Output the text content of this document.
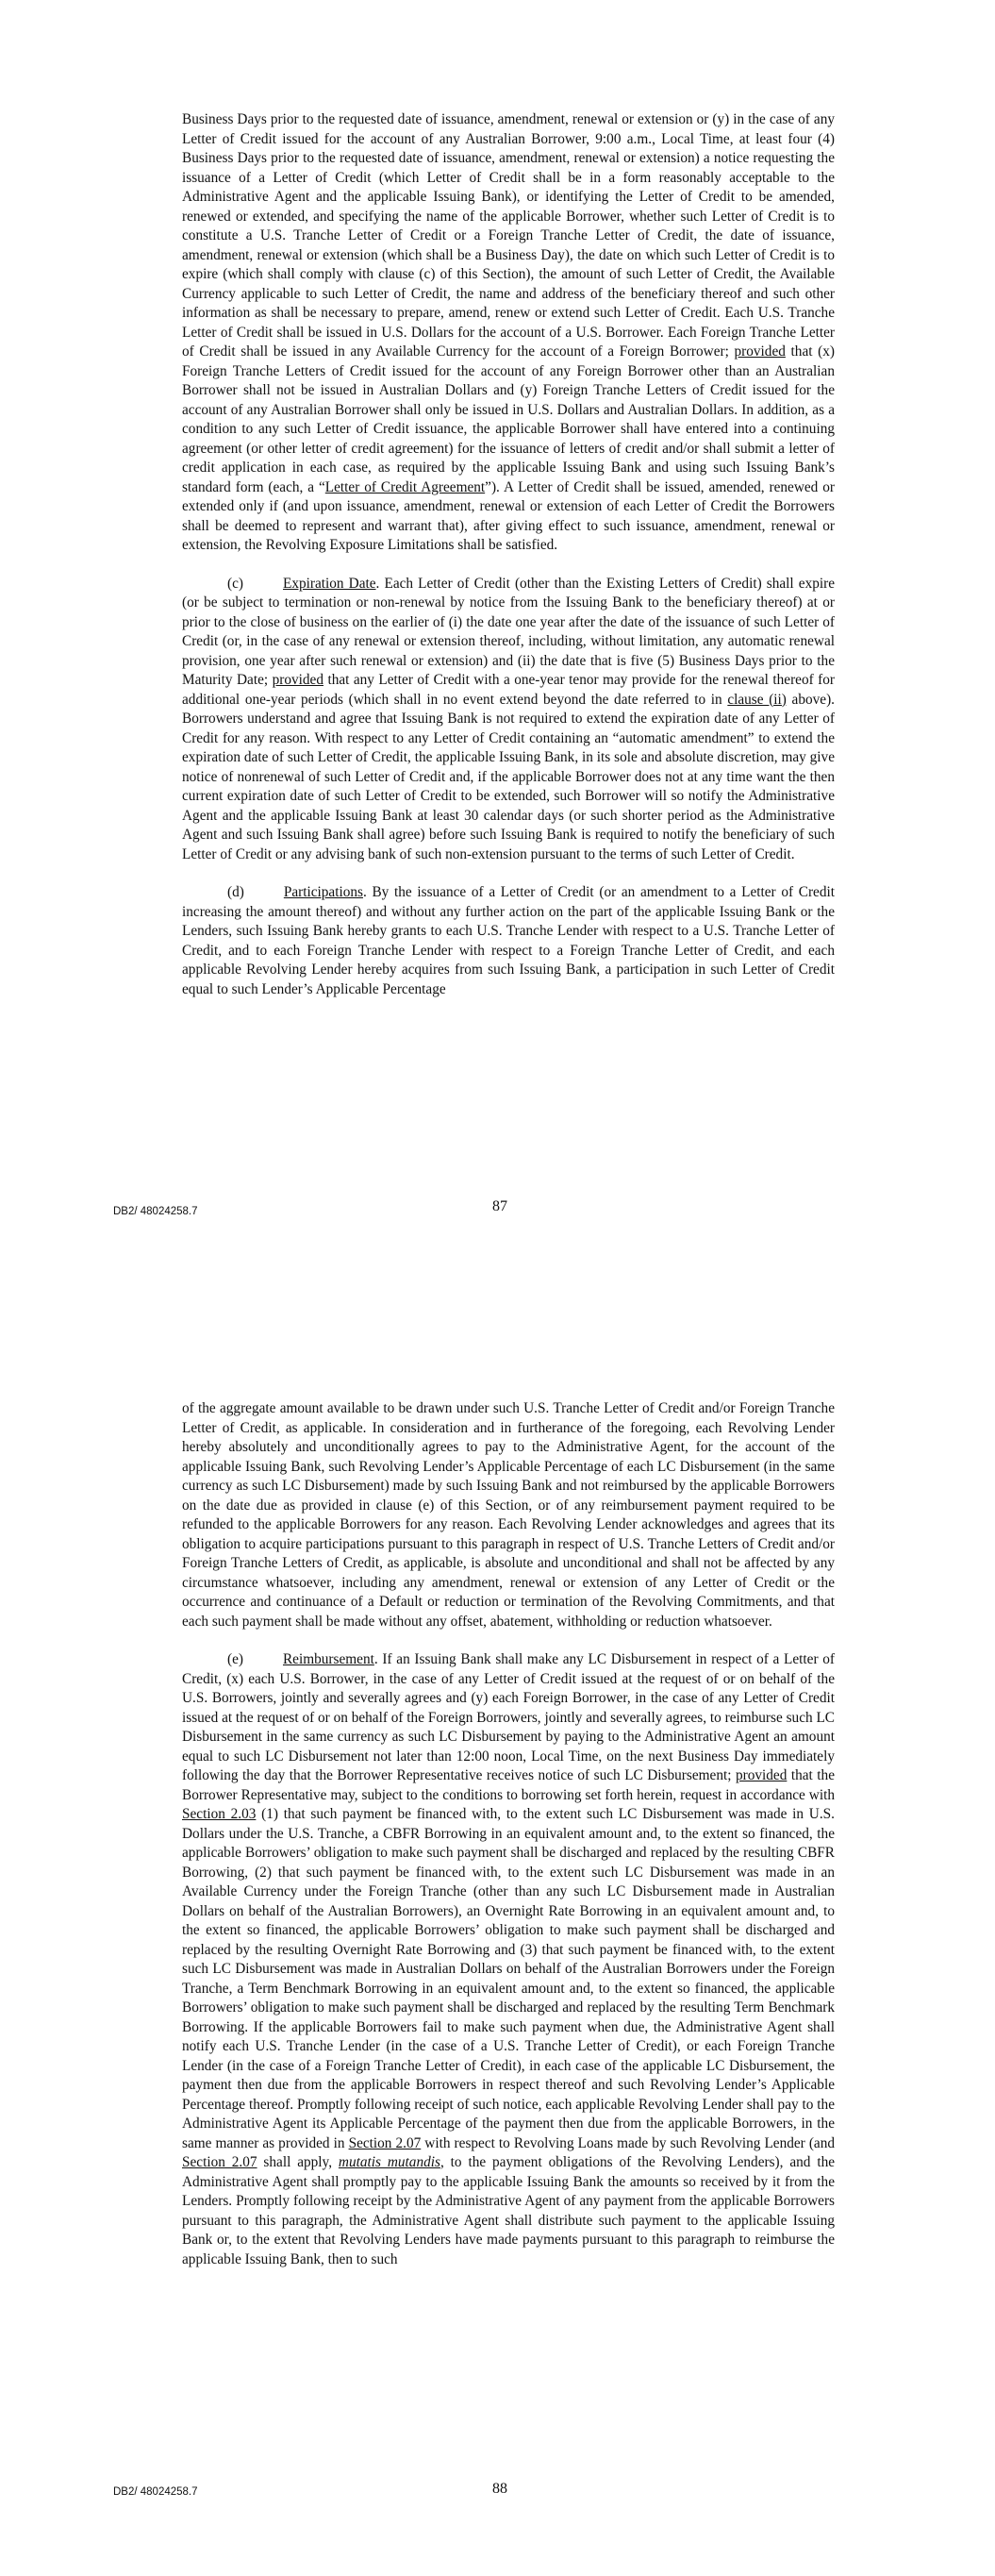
Business Days prior to the requested date of issuance, amendment, renewal or extension or (y) in the case of any Letter of Credit issued for the account of any Australian Borrower, 9:00 a.m., Local Time, at least four (4) Business Days prior to the requested date of issuance, amendment, renewal or extension) a notice requesting the issuance of a Letter of Credit (which Letter of Credit shall be in a form reasonably acceptable to the Administrative Agent and the applicable Issuing Bank), or identifying the Letter of Credit to be amended, renewed or extended, and specifying the name of the applicable Borrower, whether such Letter of Credit is to constitute a U.S. Tranche Letter of Credit or a Foreign Tranche Letter of Credit, the date of issuance, amendment, renewal or extension (which shall be a Business Day), the date on which such Letter of Credit is to expire (which shall comply with clause (c) of this Section), the amount of such Letter of Credit, the Available Currency applicable to such Letter of Credit, the name and address of the beneficiary thereof and such other information as shall be necessary to prepare, amend, renew or extend such Letter of Credit. Each U.S. Tranche Letter of Credit shall be issued in U.S. Dollars for the account of a U.S. Borrower. Each Foreign Tranche Letter of Credit shall be issued in any Available Currency for the account of a Foreign Borrower; provided that (x) Foreign Tranche Letters of Credit issued for the account of any Foreign Borrower other than an Australian Borrower shall not be issued in Australian Dollars and (y) Foreign Tranche Letters of Credit issued for the account of any Australian Borrower shall only be issued in U.S. Dollars and Australian Dollars. In addition, as a condition to any such Letter of Credit issuance, the applicable Borrower shall have entered into a continuing agreement (or other letter of credit agreement) for the issuance of letters of credit and/or shall submit a letter of credit application in each case, as required by the applicable Issuing Bank and using such Issuing Bank’s standard form (each, a “Letter of Credit Agreement”). A Letter of Credit shall be issued, amended, renewed or extended only if (and upon issuance, amendment, renewal or extension of each Letter of Credit the Borrowers shall be deemed to represent and warrant that), after giving effect to such issuance, amendment, renewal or extension, the Revolving Exposure Limitations shall be satisfied.

(c)	Expiration Date. Each Letter of Credit (other than the Existing Letters of Credit) shall expire (or be subject to termination or non-renewal by notice from the Issuing Bank to the beneficiary thereof) at or prior to the close of business on the earlier of (i) the date one year after the date of the issuance of such Letter of Credit (or, in the case of any renewal or extension thereof, including, without limitation, any automatic renewal provision, one year after such renewal or extension) and (ii) the date that is five (5) Business Days prior to the Maturity Date; provided that any Letter of Credit with a one-year tenor may provide for the renewal thereof for additional one-year periods (which shall in no event extend beyond the date referred to in clause (ii) above). Borrowers understand and agree that Issuing Bank is not required to extend the expiration date of any Letter of Credit for any reason. With respect to any Letter of Credit containing an “automatic amendment” to extend the expiration date of such Letter of Credit, the applicable Issuing Bank, in its sole and absolute discretion, may give notice of nonrenewal of such Letter of Credit and, if the applicable Borrower does not at any time want the then current expiration date of such Letter of Credit to be extended, such Borrower will so notify the Administrative Agent and the applicable Issuing Bank at least 30 calendar days (or such shorter period as the Administrative Agent and such Issuing Bank shall agree) before such Issuing Bank is required to notify the beneficiary of such Letter of Credit or any advising bank of such non-extension pursuant to the terms of such Letter of Credit.

(d)	Participations. By the issuance of a Letter of Credit (or an amendment to a Letter of Credit increasing the amount thereof) and without any further action on the part of the applicable Issuing Bank or the Lenders, such Issuing Bank hereby grants to each U.S. Tranche Lender with respect to a U.S. Tranche Letter of Credit, and to each Foreign Tranche Lender with respect to a Foreign Tranche Letter of Credit, and each applicable Revolving Lender hereby acquires from such Issuing Bank, a participation in such Letter of Credit equal to such Lender’s Applicable Percentage

DB2/ 48024258.7	87

of the aggregate amount available to be drawn under such U.S. Tranche Letter of Credit and/or Foreign Tranche Letter of Credit, as applicable. In consideration and in furtherance of the foregoing, each Revolving Lender hereby absolutely and unconditionally agrees to pay to the Administrative Agent, for the account of the applicable Issuing Bank, such Revolving Lender’s Applicable Percentage of each LC Disbursement (in the same currency as such LC Disbursement) made by such Issuing Bank and not reimbursed by the applicable Borrowers on the date due as provided in clause (e) of this Section, or of any reimbursement payment required to be refunded to the applicable Borrowers for any reason. Each Revolving Lender acknowledges and agrees that its obligation to acquire participations pursuant to this paragraph in respect of U.S. Tranche Letters of Credit and/or Foreign Tranche Letters of Credit, as applicable, is absolute and unconditional and shall not be affected by any circumstance whatsoever, including any amendment, renewal or extension of any Letter of Credit or the occurrence and continuance of a Default or reduction or termination of the Revolving Commitments, and that each such payment shall be made without any offset, abatement, withholding or reduction whatsoever.

(e)	Reimbursement. If an Issuing Bank shall make any LC Disbursement in respect of a Letter of Credit, (x) each U.S. Borrower, in the case of any Letter of Credit issued at the request of or on behalf of the U.S. Borrowers, jointly and severally agrees and (y) each Foreign Borrower, in the case of any Letter of Credit issued at the request of or on behalf of the Foreign Borrowers, jointly and severally agrees, to reimburse such LC Disbursement in the same currency as such LC Disbursement by paying to the Administrative Agent an amount equal to such LC Disbursement not later than 12:00 noon, Local Time, on the next Business Day immediately following the day that the Borrower Representative receives notice of such LC Disbursement; provided that the Borrower Representative may, subject to the conditions to borrowing set forth herein, request in accordance with Section 2.03 (1) that such payment be financed with, to the extent such LC Disbursement was made in U.S. Dollars under the U.S. Tranche, a CBFR Borrowing in an equivalent amount and, to the extent so financed, the applicable Borrowers’ obligation to make such payment shall be discharged and replaced by the resulting CBFR Borrowing, (2) that such payment be financed with, to the extent such LC Disbursement was made in an Available Currency under the Foreign Tranche (other than any such LC Disbursement made in Australian Dollars on behalf of the Australian Borrowers), an Overnight Rate Borrowing in an equivalent amount and, to the extent so financed, the applicable Borrowers’ obligation to make such payment shall be discharged and replaced by the resulting Overnight Rate Borrowing and (3) that such payment be financed with, to the extent such LC Disbursement was made in Australian Dollars on behalf of the Australian Borrowers under the Foreign Tranche, a Term Benchmark Borrowing in an equivalent amount and, to the extent so financed, the applicable Borrowers’ obligation to make such payment shall be discharged and replaced by the resulting Term Benchmark Borrowing. If the applicable Borrowers fail to make such payment when due, the Administrative Agent shall notify each U.S. Tranche Lender (in the case of a U.S. Tranche Letter of Credit), or each Foreign Tranche Lender (in the case of a Foreign Tranche Letter of Credit), in each case of the applicable LC Disbursement, the payment then due from the applicable Borrowers in respect thereof and such Revolving Lender’s Applicable Percentage thereof. Promptly following receipt of such notice, each applicable Revolving Lender shall pay to the Administrative Agent its Applicable Percentage of the payment then due from the applicable Borrowers, in the same manner as provided in Section 2.07 with respect to Revolving Loans made by such Revolving Lender (and Section 2.07 shall apply, mutatis mutandis, to the payment obligations of the Revolving Lenders), and the Administrative Agent shall promptly pay to the applicable Issuing Bank the amounts so received by it from the Lenders. Promptly following receipt by the Administrative Agent of any payment from the applicable Borrowers pursuant to this paragraph, the Administrative Agent shall distribute such payment to the applicable Issuing Bank or, to the extent that Revolving Lenders have made payments pursuant to this paragraph to reimburse the applicable Issuing Bank, then to such

DB2/ 48024258.7	88
